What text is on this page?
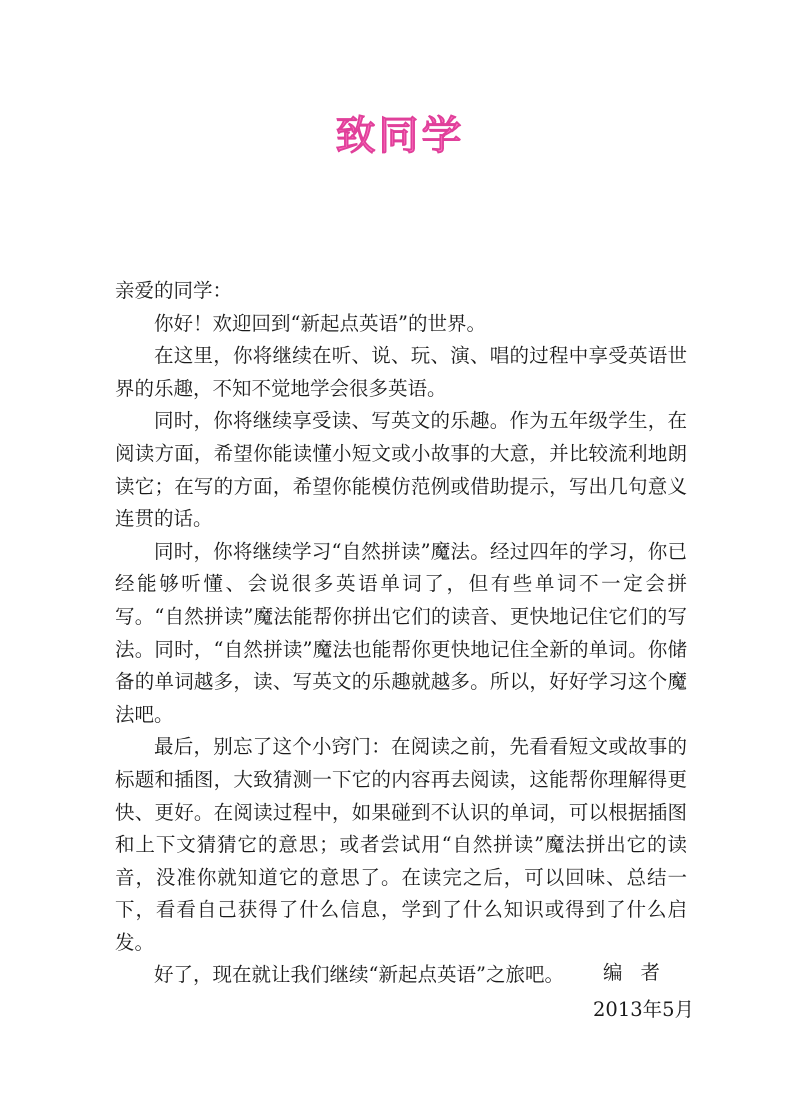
致同学

亲爱的同学：

你好！欢迎回到“新起点英语”的世界。

在这里，你将继续在听、说、玩、演、唱的过程中享受英语世界的乐趣，不知不觉地学会很多英语。

同时，你将继续享受读、写英文的乐趣。作为五年级学生，在阅读方面，希望你能读懂小短文或小故事的大意，并比较流利地朗读它；在写的方面，希望你能模仿范例或借助提示，写出几句意义连贯的话。

同时，你将继续学习“自然拼读”魔法。经过四年的学习，你已经能够听懂、会说很多英语单词了，但有些单词不一定会拼写。“自然拼读”魔法能帮你拼出它们的读音、更快地记住它们的写法。同时，“自然拼读”魔法也能帮你更快地记住全新的单词。你储备的单词越多，读、写英文的乐趣就越多。所以，好好学习这个魔法吧。

最后，别忘了这个小窍门：在阅读之前，先看看短文或故事的标题和插图，大致猜测一下它的内容再去阅读，这能帮你理解得更快、更好。在阅读过程中，如果碰到不认识的单词，可以根据插图和上下文猜猜它的意思；或者尝试用“自然拼读”魔法拼出它的读音，没准你就知道它的意思了。在读完之后，可以回味、总结一下，看看自己获得了什么信息，学到了什么知识或得到了什么启发。

好了，现在就让我们继续“新起点英语”之旅吧。	编者
2013年5月
